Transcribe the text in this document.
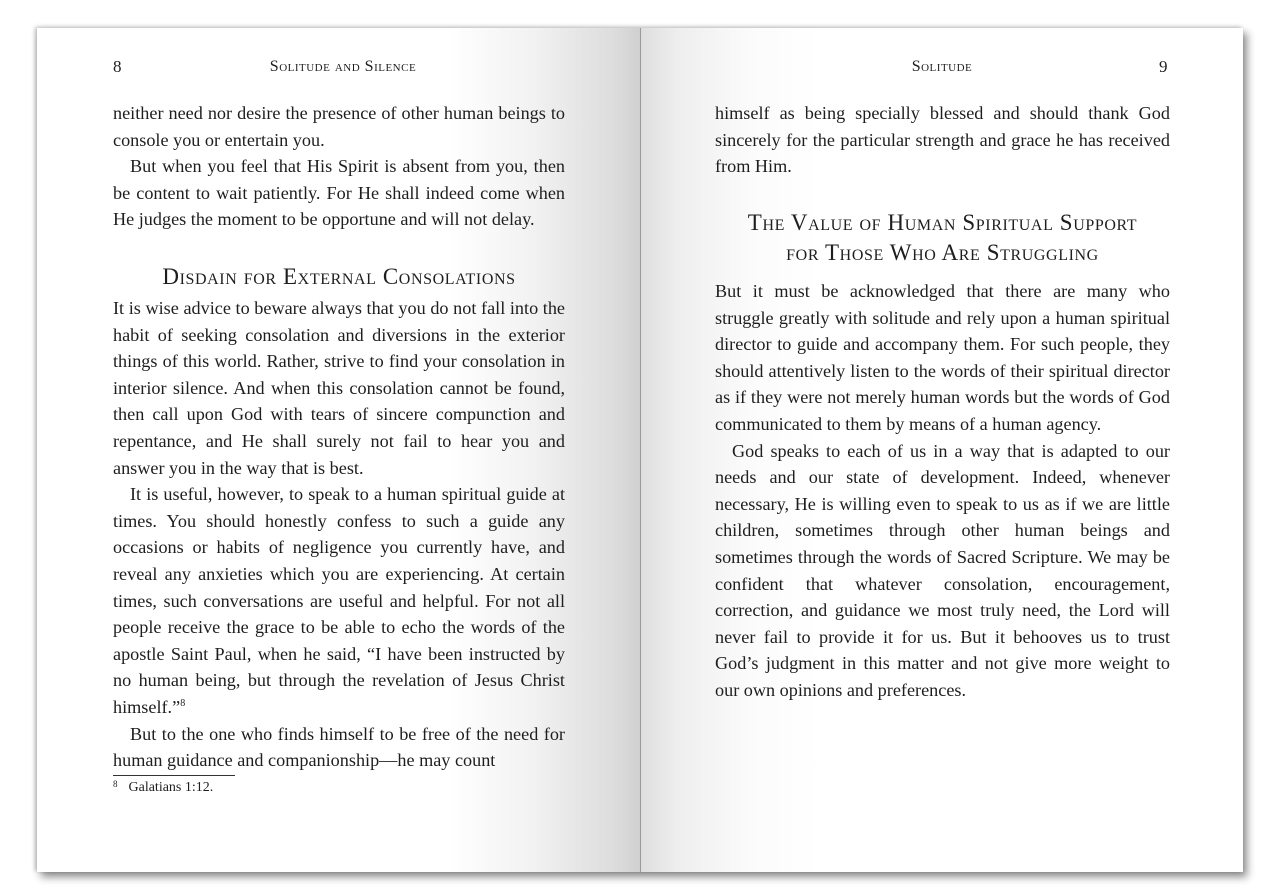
8	Solitude and Silence

neither need nor desire the presence of other human beings to console you or entertain you.

But when you feel that His Spirit is absent from you, then be content to wait patiently. For He shall indeed come when He judges the moment to be opportune and will not delay.

Disdain for External Consolations

It is wise advice to beware always that you do not fall into the habit of seeking consolation and diversions in the exterior things of this world. Rather, strive to find your consolation in interior silence. And when this consolation cannot be found, then call upon God with tears of sincere compunction and repentance, and He shall surely not fail to hear you and answer you in the way that is best.

It is useful, however, to speak to a human spiritual guide at times. You should honestly confess to such a guide any occasions or habits of negligence you currently have, and reveal any anxieties which you are experiencing. At certain times, such conversations are useful and helpful. For not all people receive the grace to be able to echo the words of the apostle Saint Paul, when he said, “I have been instructed by no human being, but through the revelation of Jesus Christ himself.”$^8$

But to the one who finds himself to be free of the need for human guidance and companionship—he may count

$^8$ Galatians 1:12.
Solitude	9

himself as being specially blessed and should thank God sincerely for the particular strength and grace he has received from Him.

The Value of Human Spiritual Support
for Those Who Are Struggling

But it must be acknowledged that there are many who struggle greatly with solitude and rely upon a human spiritual director to guide and accompany them. For such people, they should attentively listen to the words of their spiritual director as if they were not merely human words but the words of God communicated to them by means of a human agency.

God speaks to each of us in a way that is adapted to our needs and our state of development. Indeed, whenever necessary, He is willing even to speak to us as if we are little children, sometimes through other human beings and sometimes through the words of Sacred Scripture. We may be confident that whatever consolation, encouragement, correction, and guidance we most truly need, the Lord will never fail to provide it for us. But it behooves us to trust God’s judgment in this matter and not give more weight to our own opinions and preferences.
